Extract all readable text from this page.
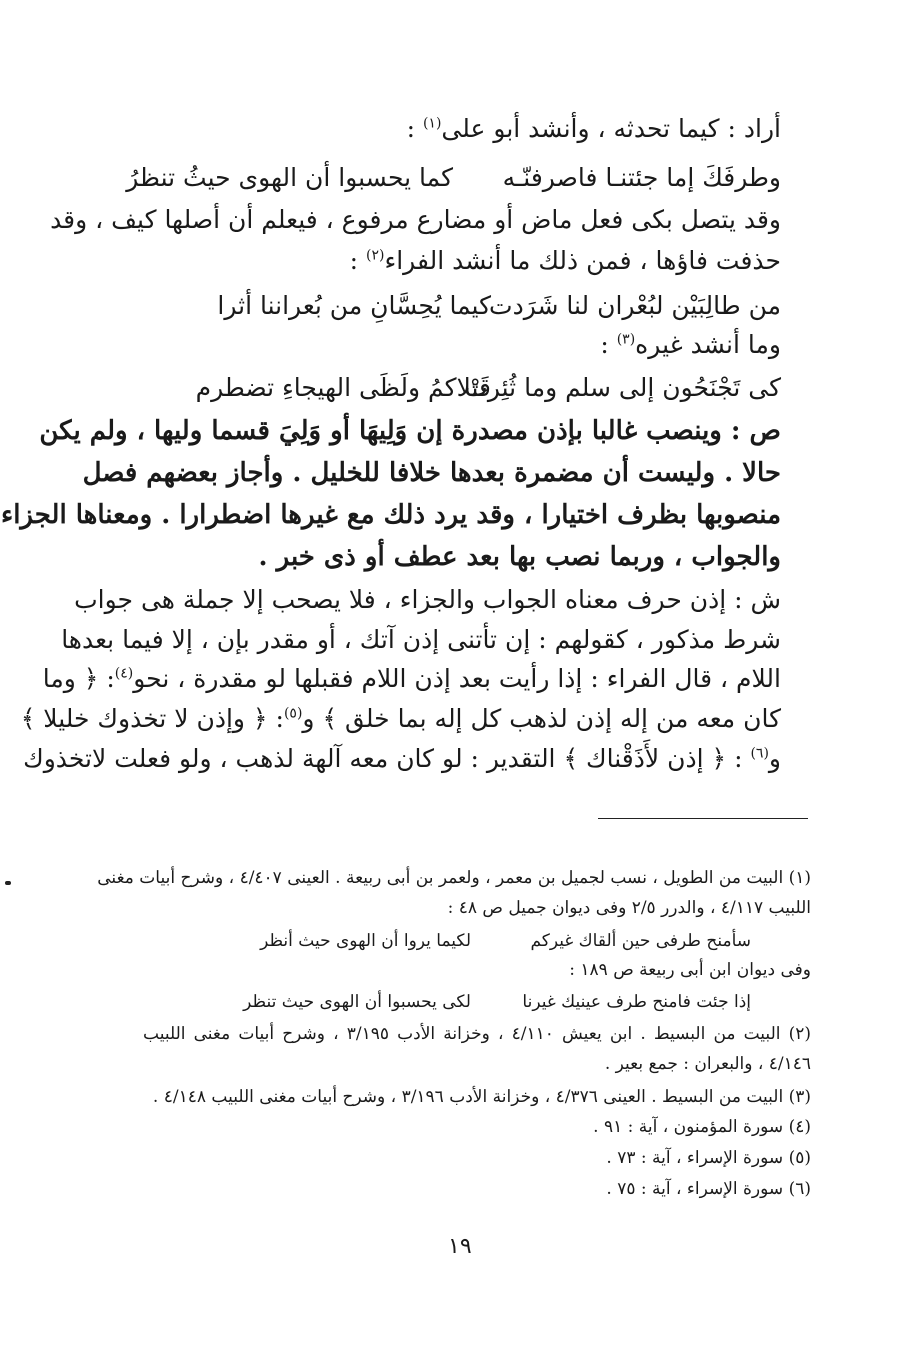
أراد : كيما تحدثه ، وأنشد أبو على$^{(١)}$ :
وطرفَكَ إما جئتنـا فاصرفنّـه
كما يحسبوا أن الهوى حيثُ تنظرُ
وقد يتصل بكى فعل ماض أو مضارع مرفوع ، فيعلم أن أصلها كيف ، وقد
حذفت فاؤها ، فمن ذلك ما أنشد الفراء$^{(٢)}$ :
من طالِبَيْن لبُعْران لنا شَرَدت
كيما يُحِسَّانِ من بُعراننا أثرا
وما أنشد غيره$^{(٣)}$ :
كى تَجْنَحُون إلى سلم وما ثُئِرتْ
قَتلاكمُ ولَظَى الهيجاءِ تضطرم
ص : وينصب غالبا بإذن مصدرة إن وَلِيهَا أو وَلِيَ قسما وليها ، ولم يكن
حالا . وليست أن مضمرة بعدها خلافا للخليل . وأجاز بعضهم فصل
منصوبها بظرف اختيارا ، وقد يرد ذلك مع غيرها اضطرارا . ومعناها الجزاء
والجواب ، وربما نصب بها بعد عطف أو ذى خبر .
ش : إذن حرف معناه الجواب والجزاء ، فلا يصحب إلا جملة هى جواب
شرط مذكور ، كقولهم : إن تأتنى إذن آتك ، أو مقدر بإن ، إلا فيما بعدها
اللام ، قال الفراء : إذا رأيت بعد إذن اللام فقبلها لو مقدرة ، نحو$^{(٤)}$
: ﴿ وما
كان معه من إله إذن لذهب كل إله بما خلق ﴾ و$^{(٥)}$
: ﴿ وإذن لا تخذوك خليلا ﴾
و$^{(٦)}$ : ﴿ إذن لأَذَقْناك ﴾ التقدير : لو كان معه آلهة لذهب ، ولو فعلت لاتخذوك
(١) البيت من الطويل ، نسب لجميل بن معمر ، ولعمر بن أبى ربيعة . العينى ٤/٤٠٧ ، وشرح أبيات مغنى
اللبيب ٤/١١٧ ، والدرر ٢/٥ وفى ديوان جميل ص ٤٨ :
سأمنح طرفى حين ألقاك غيركم
لكيما يروا أن الهوى حيث أنظر
وفى ديوان ابن أبى ربيعة ص ١٨٩ :
إذا جئت فامنح طرف عينيك غيرنا
لكى يحسبوا أن الهوى حيث تنظر
(٢) البيت من البسيط . ابن يعيش ٤/١١٠ ، وخزانة الأدب ٣/١٩٥ ، وشرح أبيات مغنى اللبيب
٤/١٤٦ ، والبعران : جمع بعير .
(٣) البيت من البسيط . العينى ٤/٣٧٦ ، وخزانة الأدب ٣/١٩٦ ، وشرح أبيات مغنى اللبيب ٤/١٤٨ .
(٤) سورة المؤمنون ، آية : ٩١ .
(٥) سورة الإسراء ، آية : ٧٣ .
(٦) سورة الإسراء ، آية : ٧٥ .
١٩
